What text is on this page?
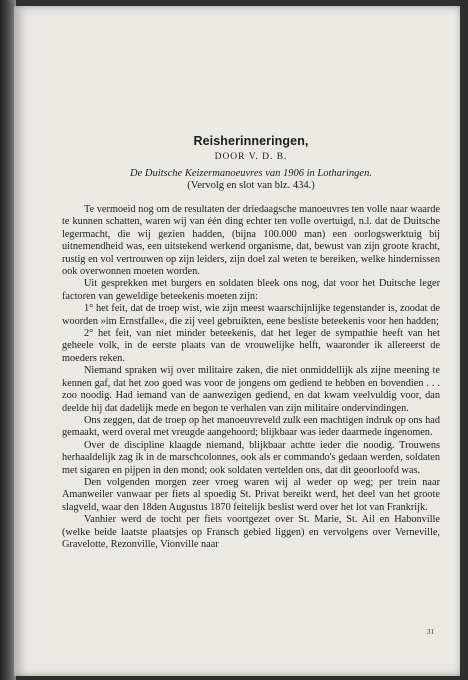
Reisherinneringen,
DOOR V. D. B.
De Duitsche Keizermanoeuvres van 1906 in Lotharingen.
(Vervolg en slot van blz. 434.)

Te vermoeid nog om de resultaten der driedaagsche manoeuvres ten volle naar waarde te kunnen schatten, waren wij van één ding echter ten volle overtuigd, n.l. dat de Duitsche legermacht, die wij gezien hadden, (bijna 100.000 man) een oorlogswerktuig bij uitnemendheid was, een uitstekend werkend organisme, dat, bewust van zijn groote kracht, rustig en vol vertrouwen op zijn leiders, zijn doel zal weten te bereiken, welke hindernissen ook overwonnen moeten worden.

Uit gesprekken met burgers en soldaten bleek ons nog, dat voor het Duitsche leger factoren van geweldige beteekenis moeten zijn:

1° het feit, dat de troep wist, wie zijn meest waarschijnlijke tegenstander is, zoodat de woorden »im Ernstfalle«, die zij veel gebruikten, eene besliste beteekenis voor hen hadden;

2° het feit, van niet minder beteekenis, dat het leger de sympathie heeft van het geheele volk, in de eerste plaats van de vrouwelijke helft, waaronder ik allereerst de moeders reken.

Niemand spraken wij over militaire zaken, die niet onmiddellijk als zijne meening te kennen gaf, dat het zoo goed was voor de jongens om gediend te hebben en bovendien . . . zoo noodig. Had iemand van de aanwezigen gediend, en dat kwam veelvuldig voor, dan deelde hij dat dadelijk mede en begon te verhalen van zijn militaire ondervindingen.

Ons zeggen, dat de troep op het manoeuvreveld zulk een machtigen indruk op ons had gemaakt, werd overal met vreugde aangehoord; blijkbaar was ieder daarmede ingenomen.

Over de discipline klaagde niemand, blijkbaar achtte ieder die noodig. Trouwens herhaaldelijk zag ik in de marschcolonnes, ook als er commando's gedaan werden, soldaten met sigaren en pijpen in den mond; ook soldaten vertelden ons, dat dit geoorloofd was.

Den volgenden morgen zeer vroeg waren wij al weder op weg; per trein naar Amanweiler vanwaar per fiets al spoedig St. Privat bereikt werd, het deel van het groote slagveld, waar den 18den Augustus 1870 feitelijk beslist werd over het lot van Frankrijk.

Vanhier werd de tocht per fiets voortgezet over St. Marie, St. Ail en Habonville (welke beide laatste plaatsjes op Fransch gebied liggen) en vervolgens over Verneville, Gravelotte, Rezonville, Vionville naar

31
